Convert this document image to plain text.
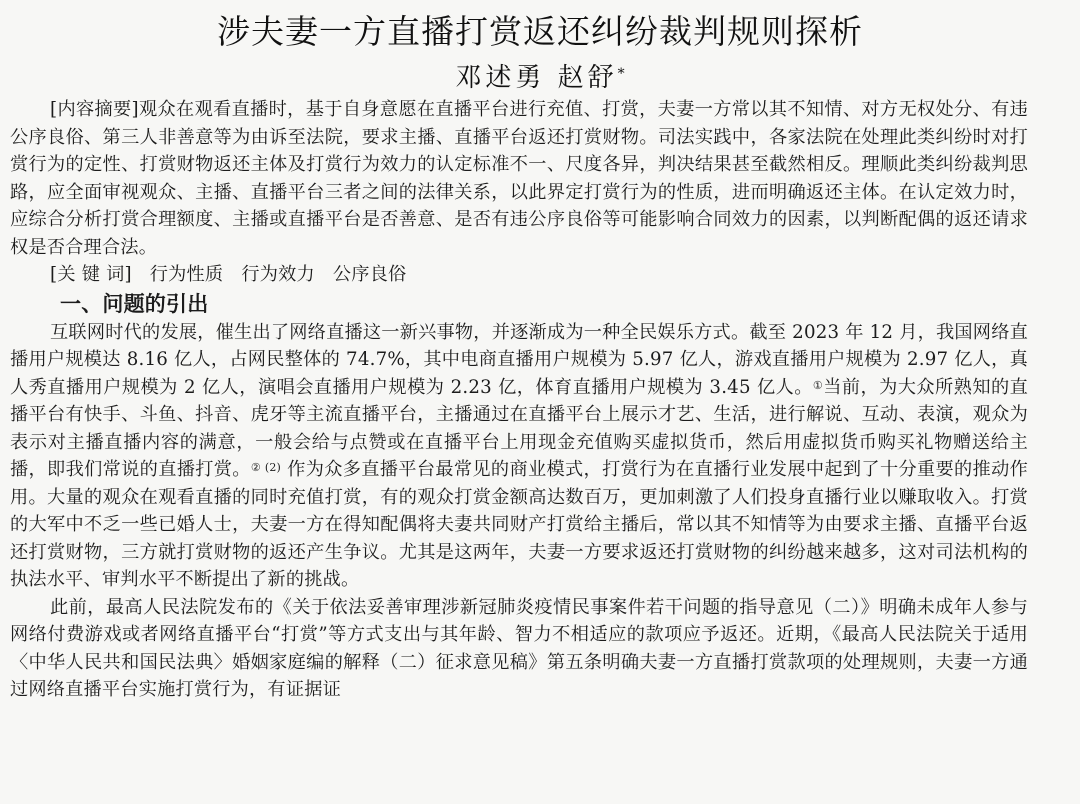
涉夫妻一方直播打赏返还纠纷裁判规则探析
邓述勇 赵舒*

[内容摘要]观众在观看直播时，基于自身意愿在直播平台进行充值、打赏，夫妻一方常以其不知情、对方无权处分、有违公序良俗、第三人非善意等为由诉至法院，要求主播、直播平台返还打赏财物。司法实践中，各家法院在处理此类纠纷时对打赏行为的定性、打赏财物返还主体及打赏行为效力的认定标准不一、尺度各异，判决结果甚至截然相反。理顺此类纠纷裁判思路，应全面审视观众、主播、直播平台三者之间的法律关系，以此界定打赏行为的性质，进而明确返还主体。在认定效力时，应综合分析打赏合理额度、主播或直播平台是否善意、是否有违公序良俗等可能影响合同效力的因素，以判断配偶的返还请求权是否合理合法。

[关 键 词] 行为性质 行为效力 公序良俗

一、问题的引出

互联网时代的发展，催生出了网络直播这一新兴事物，并逐渐成为一种全民娱乐方式。截至 2023 年 12 月，我国网络直播用户规模达 8.16 亿人，占网民整体的 74.7%，其中电商直播用户规模为 5.97 亿人，游戏直播用户规模为 2.97 亿人，真人秀直播用户规模为 2 亿人，演唱会直播用户规模为 2.23 亿，体育直播用户规模为 3.45 亿人。①当前，为大众所熟知的直播平台有快手、斗鱼、抖音、虎牙等主流直播平台，主播通过在直播平台上展示才艺、生活，进行解说、互动、表演，观众为表示对主播直播内容的满意，一般会给与点赞或在直播平台上用现金充值购买虚拟货币，然后用虚拟货币购买礼物赠送给主播，即我们常说的直播打赏。$^{② (2)}$ 作为众多直播平台最常见的商业模式，打赏行为在直播行业发展中起到了十分重要的推动作用。大量的观众在观看直播的同时充值打赏，有的观众打赏金额高达数百万，更加刺激了人们投身直播行业以赚取收入。打赏的大军中不乏一些已婚人士，夫妻一方在得知配偶将夫妻共同财产打赏给主播后，常以其不知情等为由要求主播、直播平台返还打赏财物，三方就打赏财物的返还产生争议。尤其是这两年，夫妻一方要求返还打赏财物的纠纷越来越多，这对司法机构的执法水平、审判水平不断提出了新的挑战。

此前，最高人民法院发布的《关于依法妥善审理涉新冠肺炎疫情民事案件若干问题的指导意见（二）》明确未成年人参与网络付费游戏或者网络直播平台“打赏”等方式支出与其年龄、智力不相适应的款项应予返还。近期，《最高人民法院关于适用〈中华人民共和国民法典〉婚姻家庭编的解释（二）征求意见稿》第五条明确夫妻一方直播打赏款项的处理规则，夫妻一方通过网络直播平台实施打赏行为，有证据证
